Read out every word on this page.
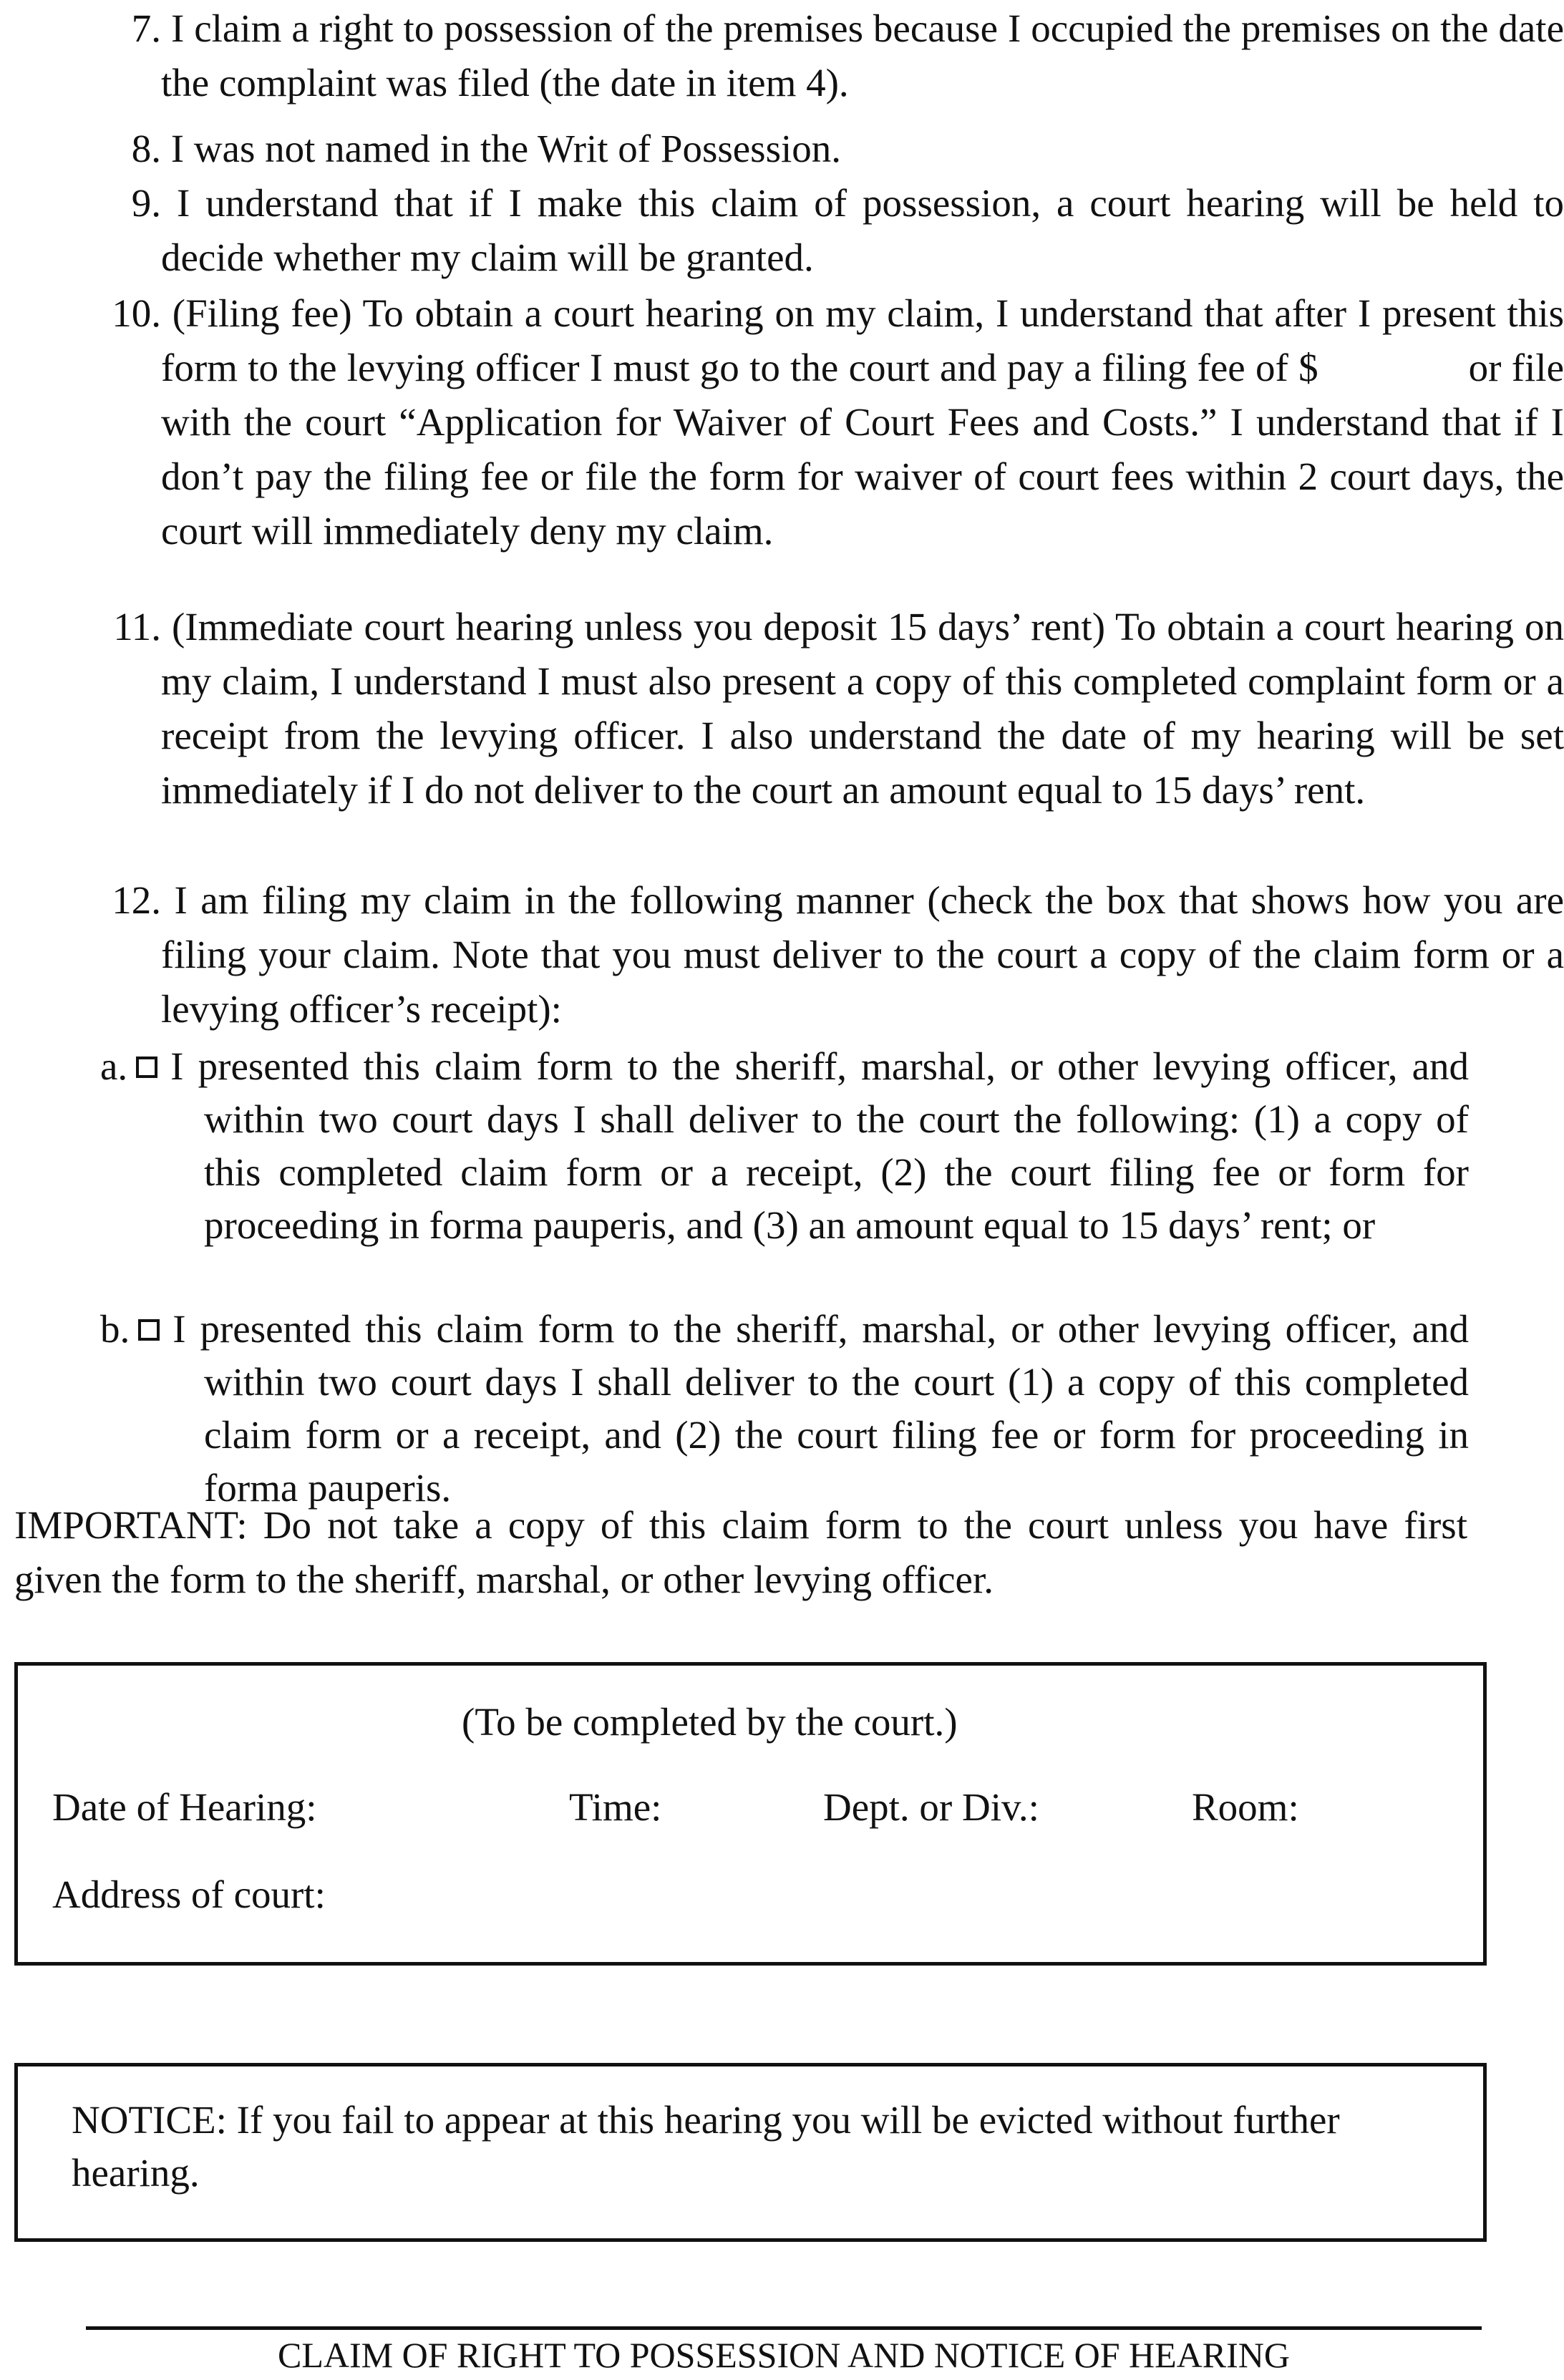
7. I claim a right to possession of the premises because I occupied the premises on the date the complaint was filed (the date in item 4).
8. I was not named in the Writ of Possession.
9. I understand that if I make this claim of possession, a court hearing will be held to decide whether my claim will be granted.
10. (Filing fee) To obtain a court hearing on my claim, I understand that after I present this form to the levying officer I must go to the court and pay a filing fee of $	or file with the court “Application for Waiver of Court Fees and Costs.” I understand that if I don’t pay the filing fee or file the form for waiver of court fees within 2 court days, the court will immediately deny my claim.
11. (Immediate court hearing unless you deposit 15 days’ rent) To obtain a court hearing on my claim, I understand I must also present a copy of this completed complaint form or a receipt from the levying officer. I also understand the date of my hearing will be set immediately if I do not deliver to the court an amount equal to 15 days’ rent.
12. I am filing my claim in the following manner (check the box that shows how you are filing your claim. Note that you must deliver to the court a copy of the claim form or a levying officer’s receipt):
a. I presented this claim form to the sheriff, marshal, or other levying officer, and within two court days I shall deliver to the court the following: (1) a copy of this completed claim form or a receipt, (2) the court filing fee or form for proceeding in forma pauperis, and (3) an amount equal to 15 days’ rent; or
b. I presented this claim form to the sheriff, marshal, or other levying officer, and within two court days I shall deliver to the court (1) a copy of this completed claim form or a receipt, and (2) the court filing fee or form for proceeding in forma pauperis.
IMPORTANT: Do not take a copy of this claim form to the court unless you have first given the form to the sheriff, marshal, or other levying officer.
(To be completed by the court.)
Date of Hearing:	Time:	Dept. or Div.:	Room:
Address of court:
NOTICE: If you fail to appear at this hearing you will be evicted without further hearing.
CLAIM OF RIGHT TO POSSESSION AND NOTICE OF HEARING
